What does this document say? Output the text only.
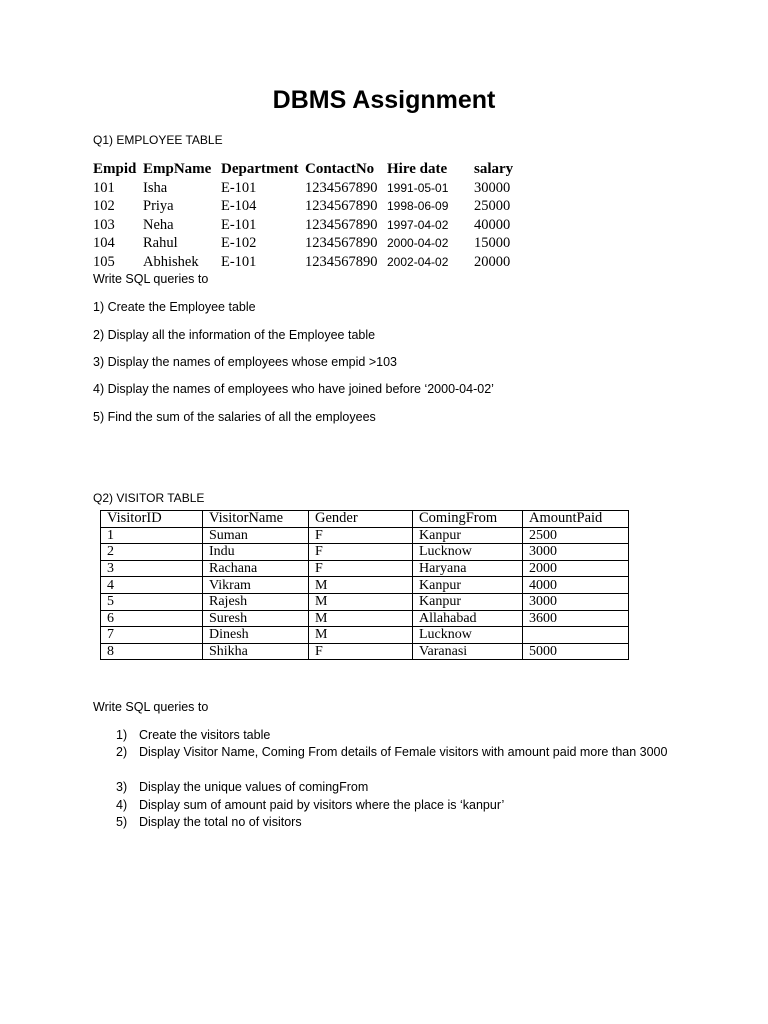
DBMS Assignment
Q1) EMPLOYEE TABLE
Empid	EmpName	Department	ContactNo	Hire date	salary
101	Isha	E-101	1234567890	1991-05-01	30000
102	Priya	E-104	1234567890	1998-06-09	25000
103	Neha	E-101	1234567890	1997-04-02	40000
104	Rahul	E-102	1234567890	2000-04-02	15000
105	Abhishek	E-101	1234567890	2002-04-02	20000
Write SQL queries to
1) Create the Employee table
2) Display all the information of the Employee table
3) Display the names of employees whose empid >103
4) Display the names of employees who have joined before ‘2000-04-02’
5) Find the sum of the salaries of all the employees
Q2) VISITOR TABLE
VisitorID	VisitorName	Gender	ComingFrom	AmountPaid
1	Suman	F	Kanpur	2500
2	Indu	F	Lucknow	3000
3	Rachana	F	Haryana	2000
4	Vikram	M	Kanpur	4000
5	Rajesh	M	Kanpur	3000
6	Suresh	M	Allahabad	3600
7	Dinesh	M	Lucknow	
8	Shikha	F	Varanasi	5000
Write SQL queries to
1) Create the visitors table
2) Display Visitor Name, Coming From details of Female visitors with amount paid more than 3000
3) Display the unique values of comingFrom
4) Display sum of amount paid by visitors where the place is ‘kanpur’
5) Display the total no of visitors
